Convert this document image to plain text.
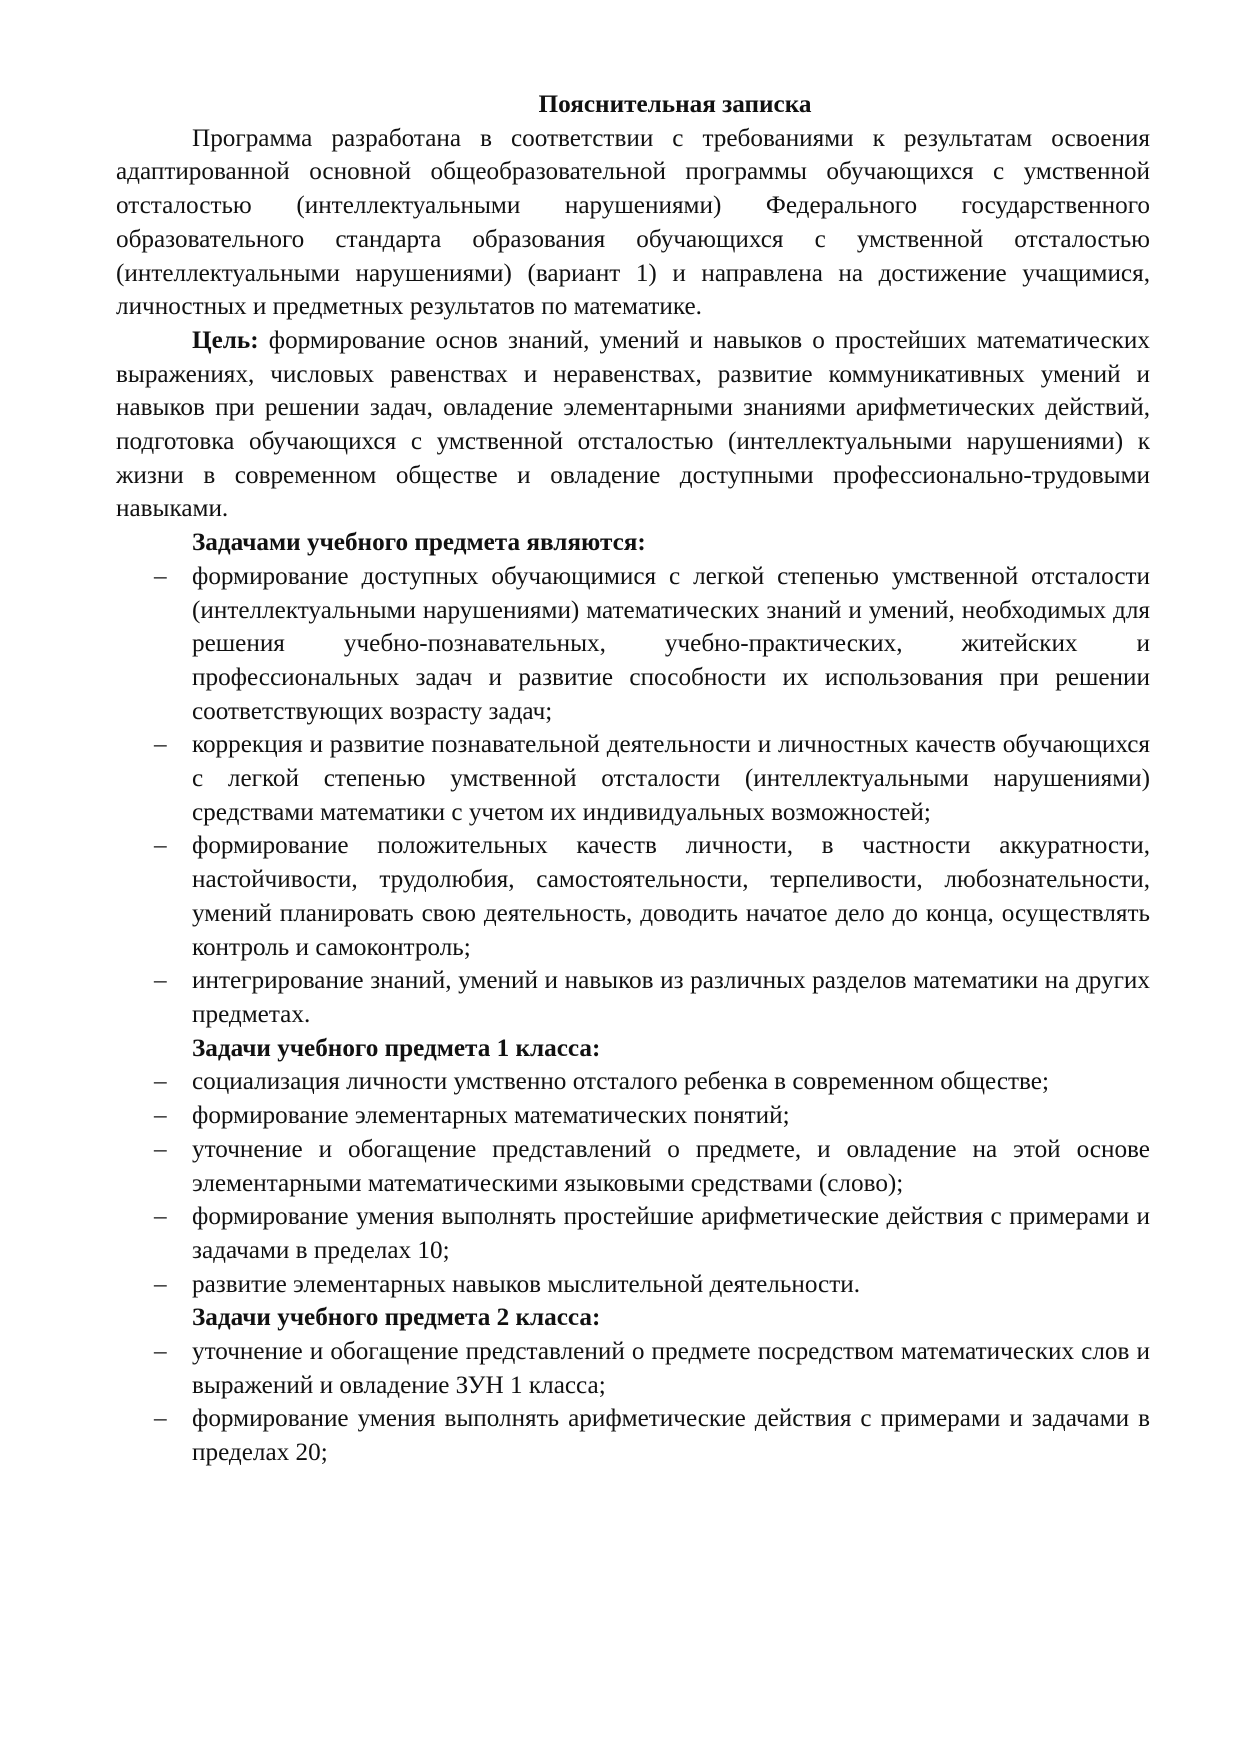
Пояснительная записка

Программа разработана в соответствии с требованиями к результатам освоения адаптированной основной общеобразовательной программы обучающихся с умственной отсталостью (интеллектуальными нарушениями) Федерального государственного образовательного стандарта образования обучающихся с умственной отсталостью (интеллектуальными нарушениями) (вариант 1) и направлена на достижение учащимися, личностных и предметных результатов по математике.

Цель: формирование основ знаний, умений и навыков о простейших математических выражениях, числовых равенствах и неравенствах, развитие коммуникативных умений и навыков при решении задач, овладение элементарными знаниями арифметических действий, подготовка обучающихся с умственной отсталостью (интеллектуальными нарушениями) к жизни в современном обществе и овладение доступными профессионально-трудовыми навыками.

Задачами учебного предмета являются:

– формирование доступных обучающимися с легкой степенью умственной отсталости (интеллектуальными нарушениями) математических знаний и умений, необходимых для решения учебно-познавательных, учебно-практических, житейских и профессиональных задач и развитие способности их использования при решении соответствующих возрасту задач;
– коррекция и развитие познавательной деятельности и личностных качеств обучающихся с легкой степенью умственной отсталости (интеллектуальными нарушениями) средствами математики с учетом их индивидуальных возможностей;
– формирование положительных качеств личности, в частности аккуратности, настойчивости, трудолюбия, самостоятельности, терпеливости, любознательности, умений планировать свою деятельность, доводить начатое дело до конца, осуществлять контроль и самоконтроль;
– интегрирование знаний, умений и навыков из различных разделов математики на других предметах.

Задачи учебного предмета 1 класса:

– социализация личности умственно отсталого ребенка в современном обществе;
– формирование элементарных математических понятий;
– уточнение и обогащение представлений о предмете, и овладение на этой основе элементарными математическими языковыми средствами (слово);
– формирование умения выполнять простейшие арифметические действия с примерами и задачами в пределах 10;
– развитие элементарных навыков мыслительной деятельности.

Задачи учебного предмета 2 класса:

– уточнение и обогащение представлений о предмете посредством математических слов и выражений и овладение ЗУН 1 класса;
– формирование умения выполнять арифметические действия с примерами и задачами в пределах 20;
